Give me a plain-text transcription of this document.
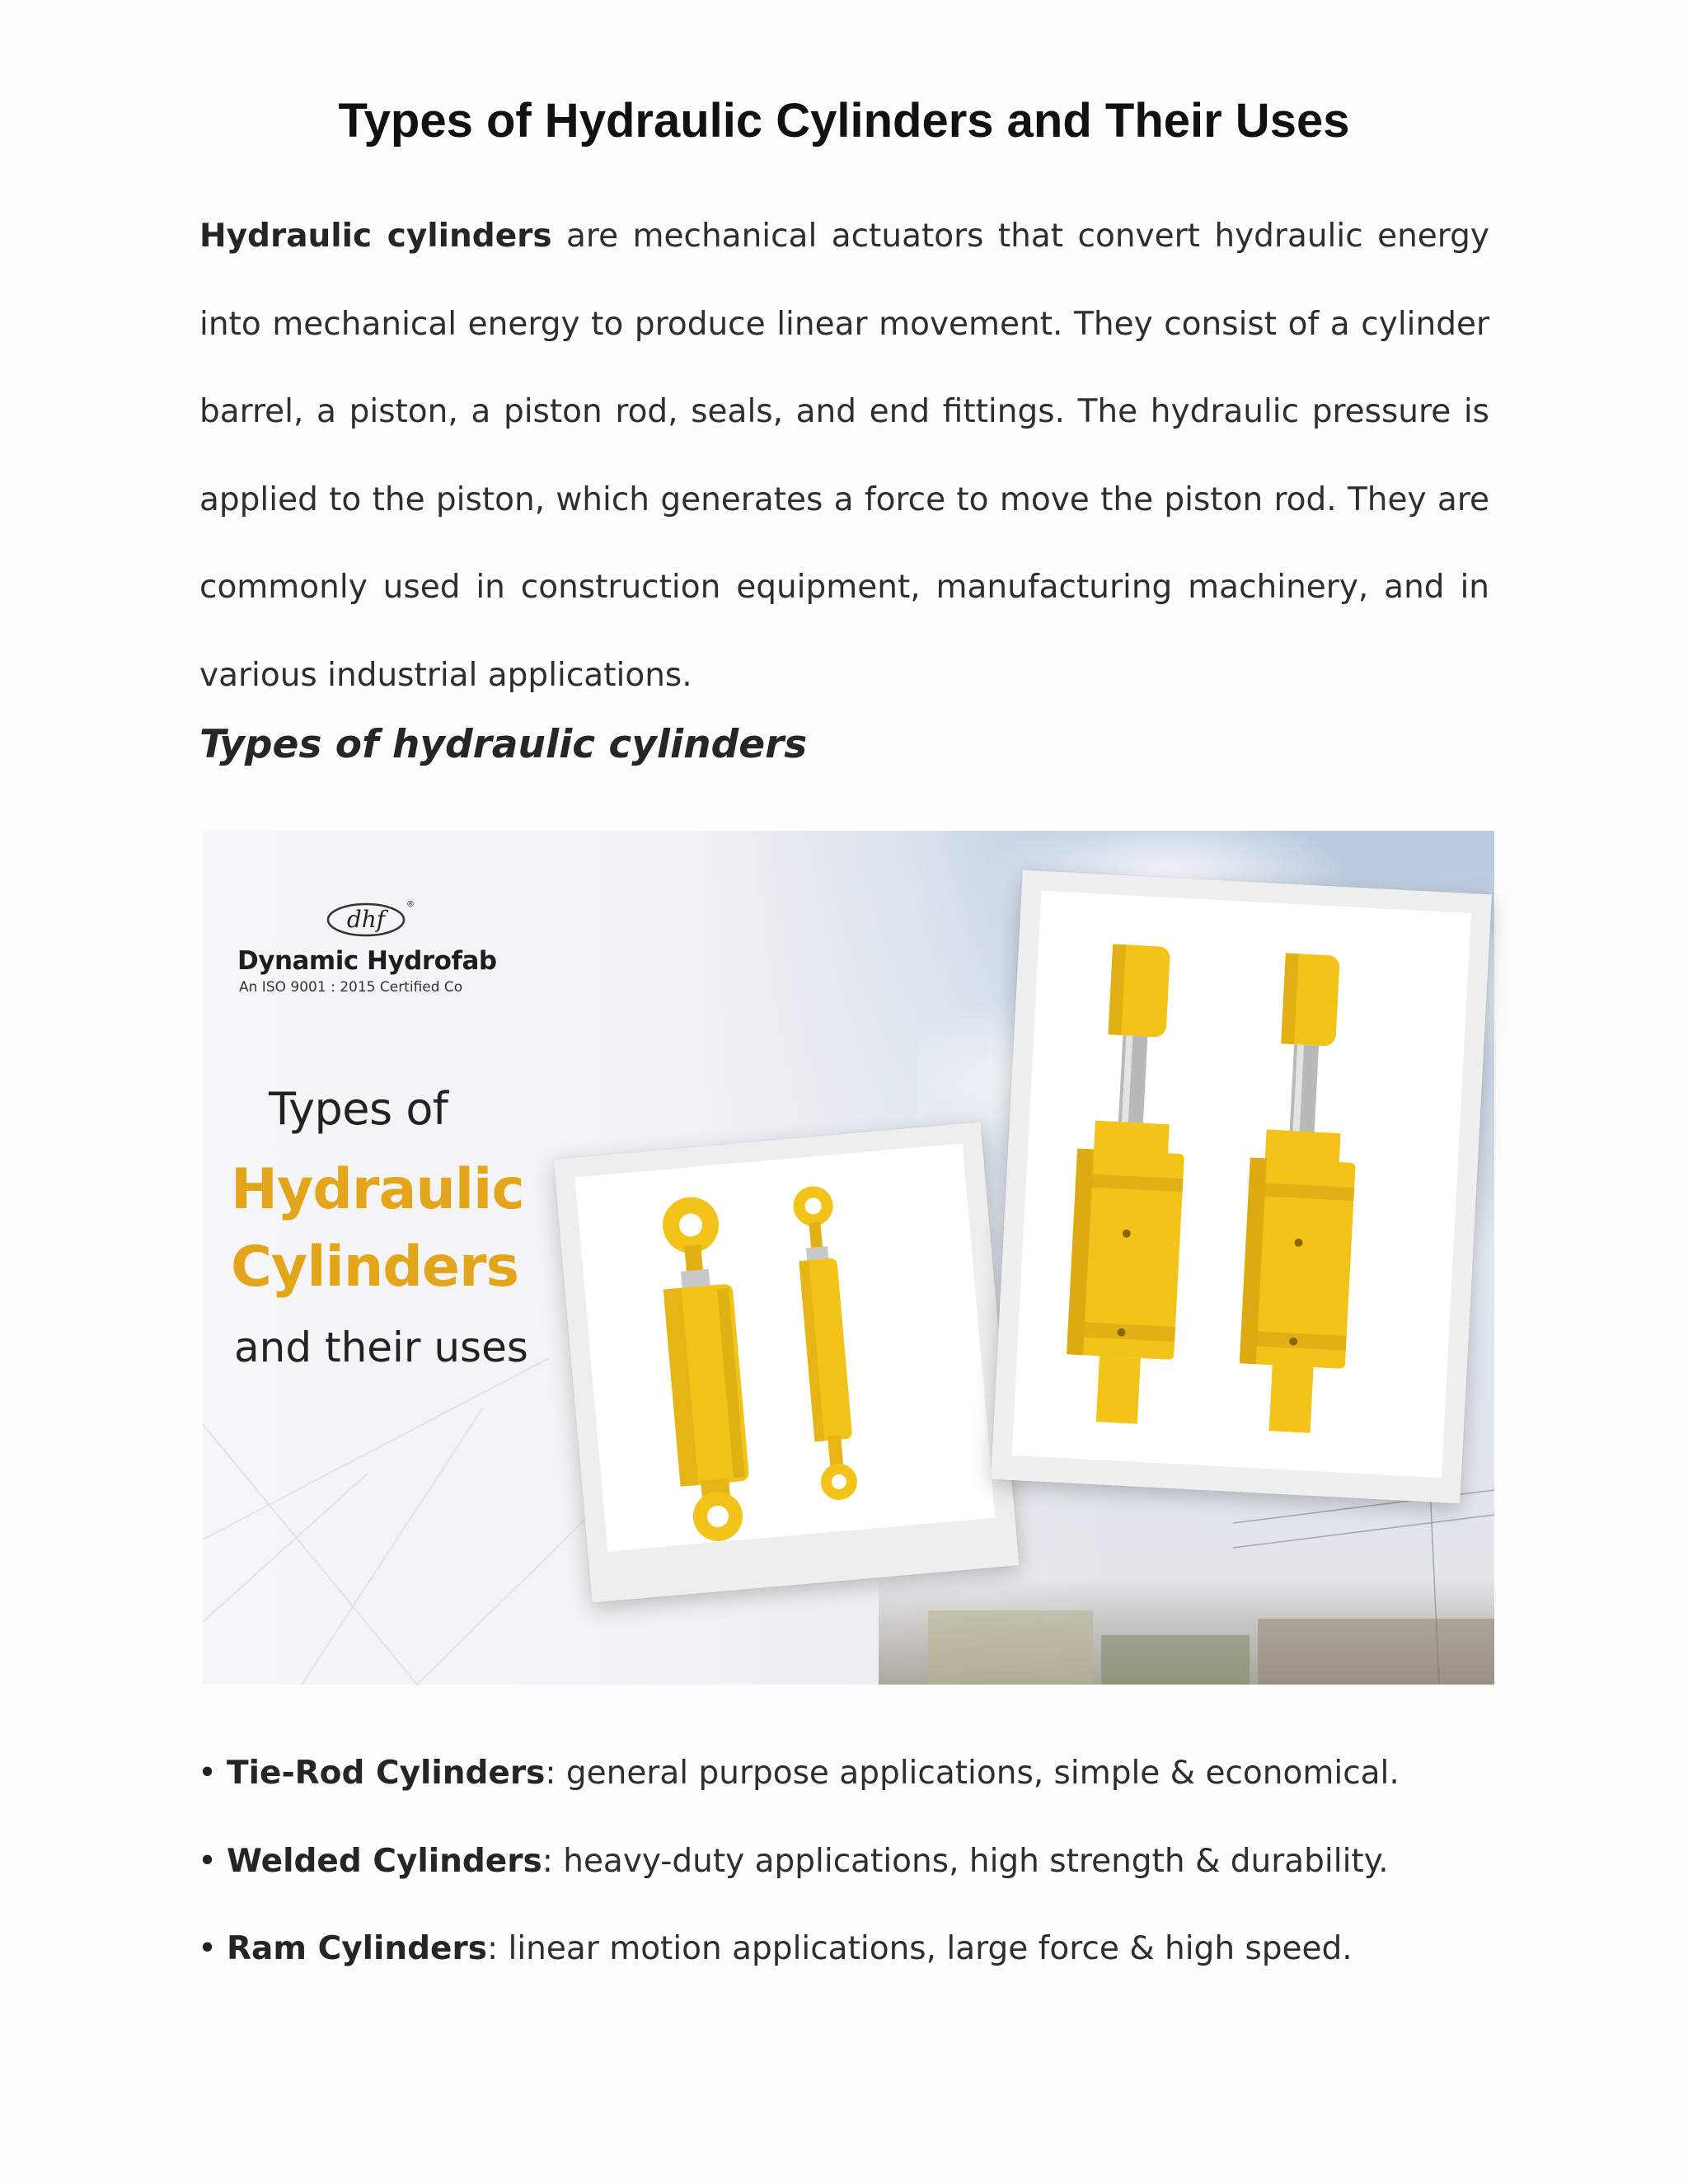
Types of Hydraulic Cylinders and Their Uses

Hydraulic cylinders are mechanical actuators that convert hydraulic energy into mechanical energy to produce linear movement. They consist of a cylinder barrel, a piston, a piston rod, seals, and end fittings. The hydraulic pressure is applied to the piston, which generates a force to move the piston rod. They are commonly used in construction equipment, manufacturing machinery, and in various industrial applications.

Types of hydraulic cylinders
dhf
®
Dynamic Hydrofab
An ISO 9001 : 2015 Certified Co
Types of
Hydraulic
Cylinders
and their uses
• Tie-Rod Cylinders: general purpose applications, simple & economical.
• Welded Cylinders: heavy-duty applications, high strength & durability.
• Ram Cylinders: linear motion applications, large force & high speed.
